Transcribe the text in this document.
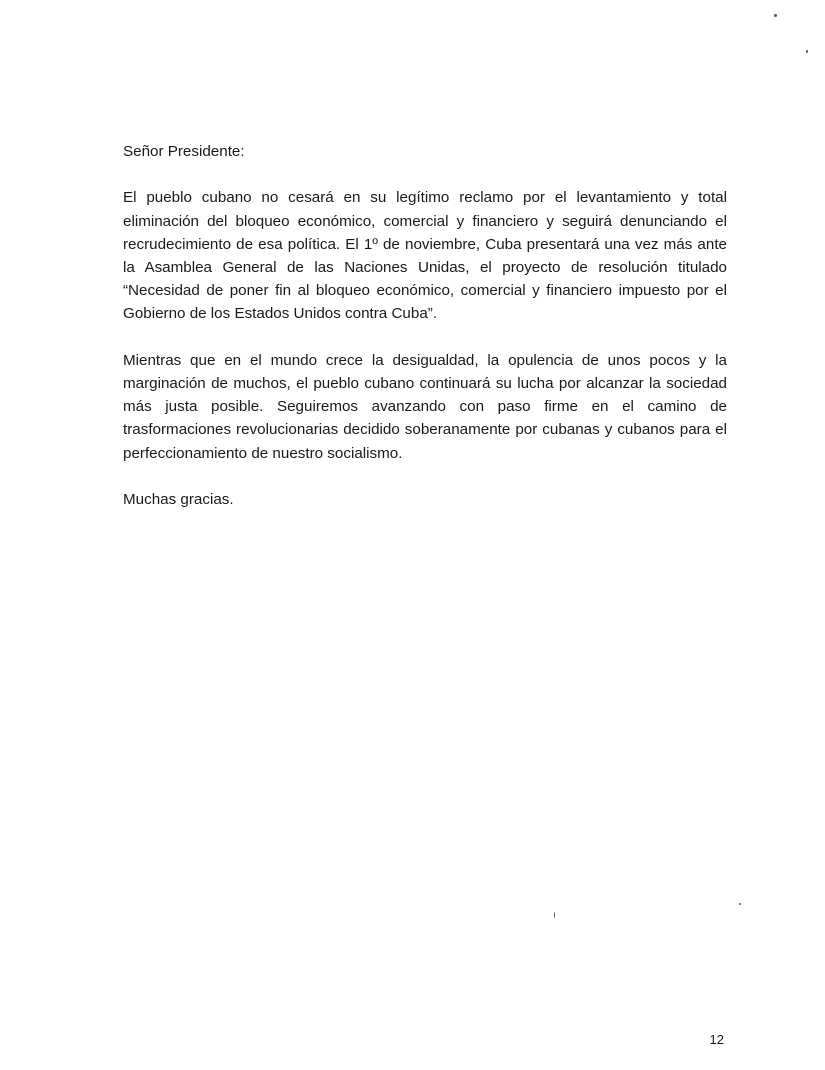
Señor Presidente:

El pueblo cubano no cesará en su legítimo reclamo por el levantamiento y total eliminación del bloqueo económico, comercial y financiero y seguirá denunciando el recrudecimiento de esa política. El 1º de noviembre, Cuba presentará una vez más ante la Asamblea General de las Naciones Unidas, el proyecto de resolución titulado “Necesidad de poner fin al bloqueo económico, comercial y financiero impuesto por el Gobierno de los Estados Unidos contra Cuba”.

Mientras que en el mundo crece la desigualdad, la opulencia de unos pocos y la marginación de muchos, el pueblo cubano continuará su lucha por alcanzar la sociedad más justa posible. Seguiremos avanzando con paso firme en el camino de trasformaciones revolucionarias decidido soberanamente por cubanas y cubanos para el perfeccionamiento de nuestro socialismo.

Muchas gracias.

12
